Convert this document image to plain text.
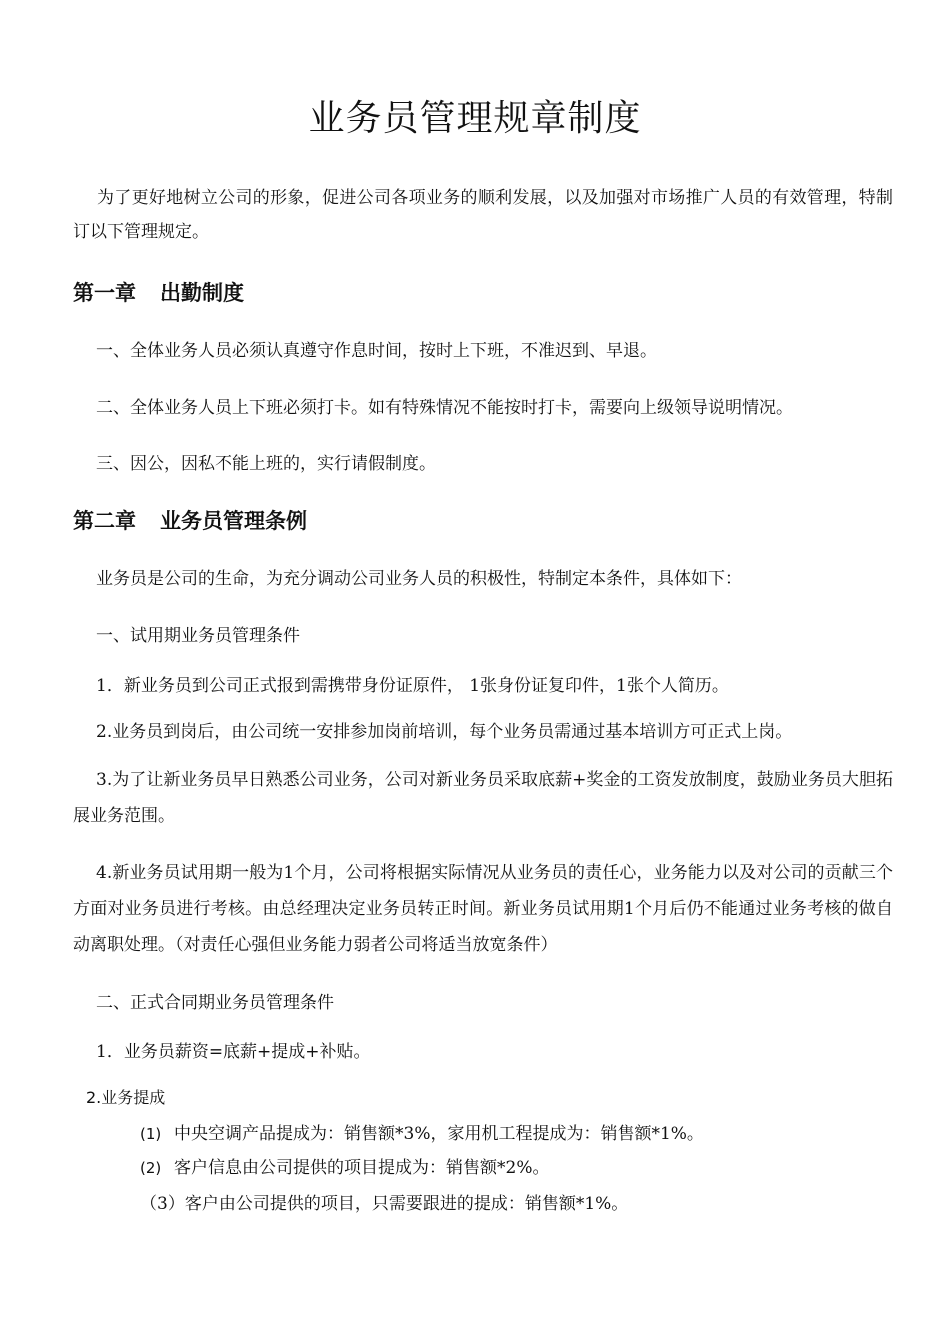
业务员管理规章制度

为了更好地树立公司的形象，促进公司各项业务的顺利发展，以及加强对市场推广人员的有效管理，特制订以下管理规定。

第一章 出勤制度
一、全体业务人员必须认真遵守作息时间，按时上下班，不准迟到、早退。
二、全体业务人员上下班必须打卡。如有特殊情况不能按时打卡，需要向上级领导说明情况。
三、因公，因私不能上班的，实行请假制度。
第二章 业务员管理条例
业务员是公司的生命，为充分调动公司业务人员的积极性，特制定本条件，具体如下：
一、试用期业务员管理条件
1．新业务员到公司正式报到需携带身份证原件， 1张身份证复印件，1张个人简历。
2.业务员到岗后，由公司统一安排参加岗前培训，每个业务员需通过基本培训方可正式上岗。
3.为了让新业务员早日熟悉公司业务，公司对新业务员采取底薪+奖金的工资发放制度，鼓励业务员大胆拓展业务范围。
4.新业务员试用期一般为1个月，公司将根据实际情况从业务员的责任心，业务能力以及对公司的贡献三个方面对业务员进行考核。由总经理决定业务员转正时间。新业务员试用期1个月后仍不能通过业务考核的做自动离职处理。（对责任心强但业务能力弱者公司将适当放宽条件）
二、正式合同期业务员管理条件
1．业务员薪资=底薪+提成+补贴。
2.业务提成
(1) 中央空调产品提成为：销售额*3%，家用机工程提成为：销售额*1%。
(2) 客户信息由公司提供的项目提成为：销售额*2%。
（3）客户由公司提供的项目，只需要跟进的提成：销售额*1%。
